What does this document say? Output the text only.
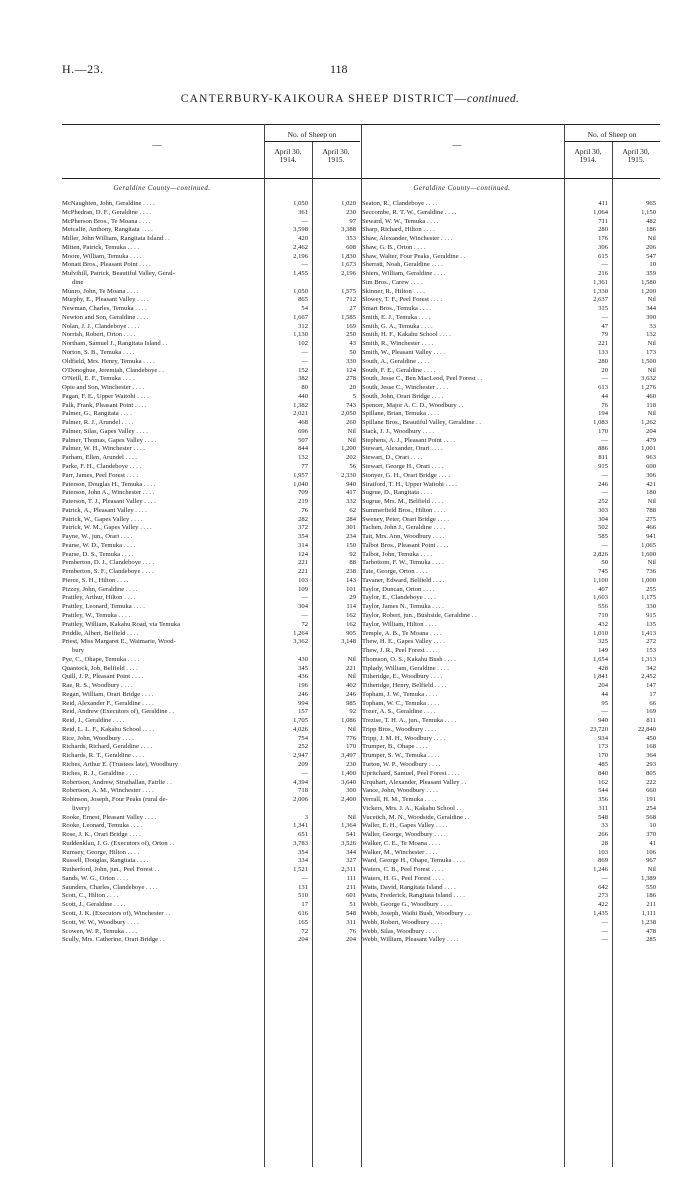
H.—23.	118
CANTERBURY-KAIKOURA SHEEP DISTRICT—continued.
—
No. of Sheep on
April 30, 1914.
April 30, 1915.
—
No. of Sheep on
April 30, 1914.
April 30, 1915.
Geraldine County—continued.	Geraldine County—continued.
McNaughten, John, Geraldine . . . .	1,050	1,020
McPhedran, D. F., Geraldine . . . .	361	230
McPherson Bros., Te Moana . . . .	—	97
Metcalfe, Anthony, Rangitata . . . .	3,598	3,388
Miller, John William, Rangitata Island . .	420	353
Mitten, Patrick, Temuka . . . .	2,462	608
Moore, William, Temuka . . . .	2,196	1,830
Monatt Bros., Pleasant Point . . . .	—	1,673
Mulvihill, Patrick, Beautiful Valley, Geral-	1,455	2,196
dine
Munro, John, Te Moana . . . .	1,050	1,575
Murphy, E., Pleasant Valley . . . .	865	712
Newman, Charles, Temuka . . . .	54	27
Newton and Son, Geraldine . . . .	1,667	1,585
Nolan, J. J., Clandeboye . . . .	312	169
Norrish, Robert, Orton . . . .	1,130	250
Northam, Samuel J., Rangitata Island . .	102	43
Norton, S. B., Temuka . . . .	—	50
Oldfield, Mrs. Henry, Temuka . . . .	—	330
O'Donoghue, Jeremiah, Clandeboye . .	152	124
O'Neill, E. F., Temuka . . . .	382	278
Opie and Son, Winchester . . . .	80	20
Pagan, F. E., Upper Waitohi . . . .	440	5
Palk, Frank, Pleasant Point . . . .	1,382	743
Palmer, G., Rangitata . . . .	2,021	2,050
Palmer, R. J., Arundel . . . .	468	260
Palmer, Silas, Gapes Valley . . . .	696	Nil
Palmer, Thomas, Gapes Valley . . . .	507	Nil
Palmer, W. H., Winchester . . . .	844	1,200
Parham, Ellen, Arundel . . . .	132	202
Parke, F. H., Clandeboye . . . .	77	56
Parr, James, Peel Forest . . . .	1,957	2,330
Paterson, Douglas H., Temuka . . . .	1,040	940
Paterson, John A., Winchester . . . .	709	417
Paterson, T. J., Pleasant Valley . . . .	219	332
Patrick, A., Pleasant Valley . . . .	76	62
Patrick, W., Gapes Valley . . . .	282	284
Patrick, W. M., Gapes Valley . . . .	372	301
Payne, W., jun., Orari . . . .	354	234
Pearse, W. D., Temuka . . . .	314	150
Pearse, D. S., Temuka . . . .	124	92
Pemberton, D. J., Clandeboye . . . .	221	88
Pemberton, S. F., Clandeboye . . . .	221	238
Pierce, S. H., Hilton . . . .	103	143
Pizzey, John, Geraldine . . . .	109	101
Prattley, Arthur, Hilton . . . .	—	29
Prattley, Leonard, Temuka . . . .	304	114
Prattley, W., Temuka . . . .	—	162
Prattley, William, Kakahu Road, via Temuka	72	162
Priddle, Albert, Belfield . . . .	1,264	905
Priest, Miss Margaret E., Waimarie, Wood-	3,362	3,148
bury
Pye, C., Ohape, Temuka . . . .	430	Nil
Quantock, Job, Belfield . . . .	345	221
Quill, J. P., Pleasant Point . . . .	436	Nil
Rae, R. S., Woodbury . . . .	196	402
Regan, William, Orari Bridge . . . .	246	246
Reid, Alexander F., Geraldine . . . .	994	985
Reid, Andrew (Executors of), Geraldine . .	157	92
Reid, J., Geraldine . . . .	1,705	1,086
Reid, L. L. F., Kakahu School . . . .	4,026	Nil
Rice, John, Woodbury . . . .	754	776
Richards, Richard, Geraldine . . . .	252	170
Richards, R. T., Geraldine . . . .	2,947	3,497
Riches, Arthur E. (Trustees late), Woodbury	209	230
Riches, R. J., Geraldine . . . .	—	1,400
Robertson, Andrew, Strathallan, Fairlie . .	4,394	3,640
Robertson, A. M., Winchester . . . .	718	300
Robinson, Joseph, Four Peaks (rural de-	2,006	2,400
livery)
Rooke, Ernest, Pleasant Valley . . . .	3	Nil
Rooke, Leonard, Temuka . . . .	1,341	1,364
Rose, J. K., Orari Bridge . . . .	651	541
Ruddenklau, J. G. (Executors of), Orton . .	3,783	3,526
Rumsey, George, Hilton . . . .	354	344
Russell, Douglas, Rangitata . . . .	334	327
Rutherford, John, jun., Peel Forest . .	1,521	2,311
Sands, W. G., Orton . . . .	—	111
Saunders, Charles, Clandeboye . . . .	131	211
Scott, C., Hilton . . . .	510	601
Scott, J., Geraldine . . . .	17	51
Scott, J. K. (Executors of), Winchester . .	616	548
Scott, W. W., Woodbury . . . .	165	311
Scowen, W. P., Temuka . . . .	72	76
Scully, Mrs. Catherine, Orari Bridge . .	204	204
Seaton, R., Clandeboye . . . .	411	965
Seccombe, R. T. W., Geraldine . . . .	1,064	1,150
Seward, W. W., Temuka . . . .	711	482
Sharp, Richard, Hilton . . . .	280	186
Shaw, Alexander, Winchester . . . .	176	Nil
Shaw, G. B., Orton . . . .	306	206
Shaw, Walter, Four Peaks, Geraldine . .	615	547
Sherratt, Noah, Geraldine . . . .	—	10
Shiers, William, Geraldine . . . .	216	359
Sim Bros., Carew . . . .	1,361	1,580
Skinner, R., Hilton . . . .	1,330	1,200
Slowey, T. F., Peel Forest . . . .	2,637	Nil
Smart Bros., Temuka . . . .	315	344
Smith, E. J., Temuka . . . .	—	390
Smith, G. A., Temuka . . . .	47	33
Smith, H. F., Kakahu School . . . .	79	132
Smith, R., Winchester . . . .	221	Nil
Smith, W., Pleasant Valley . . . .	133	173
South, A., Geraldine . . . .	280	1,500
South, F. E., Geraldine . . . .	20	Nil
South, Jesse C., Ben MacLeod, Peel Forest . .	—	3,632
South, Jesse C., Winchester . . . .	613	1,276
South, John, Orari Bridge . . . .	44	460
Spencer, Major A. C. D., Woodbury . .	76	118
Spillane, Brian, Temuka . . . .	194	Nil
Spillane Bros., Beautiful Valley, Geraldine . .	1,083	1,262
Stack, J. J., Woodbury . . . .	170	204
Stephens, A. J., Pleasant Point . . . .	—	479
Stewart, Alexander, Orari . . . .	886	1,001
Stewart, D., Orari . . . .	811	963
Stewart, George H., Orari . . . .	915	600
Stonyer, G. H., Orari Bridge . . . .	—	306
Stratford, T. H., Upper Waitohi . . . .	246	421
Sugrue, D., Rangitata . . . .	—	180
Sugrue, Mrs. M., Belfield . . . .	252	Nil
Summerfield Bros., Hilton . . . .	303	788
Sweney, Peter, Orari Bridge . . . .	304	275
Tachen, John J., Geraldine . . . .	502	466
Tait, Mrs. Ann, Woodbury . . . .	585	941
Talbot Bros., Pleasant Point . . . .	—	1,065
Talbot, John, Temuka . . . .	2,826	1,600
Tarbottom, F. W., Temuka . . . .	50	Nil
Tate, George, Orton . . . .	745	736
Tavaner, Edward, Belfield . . . .	1,100	1,000
Taylor, Duncan, Orton . . . .	407	255
Taylor, E., Clandeboye . . . .	1,603	1,175
Taylor, James N., Temuka . . . .	556	330
Taylor, Robert, jun., Bushside, Geraldine . .	710	915
Taylor, William, Hilton . . . .	432	135
Temple, A. B., Te Moana . . . .	1,010	1,413
Thew, H. E., Gapes Valley . . . .	325	272
Thew, J. R., Peel Forest . . . .	149	153
Thomson, O. S., Kakahu Bush . . . .	1,654	1,313
Tiplady, William, Geraldine . . . .	428	342
Titheridge, E., Woodbury . . . .	1,841	2,452
Titheridge, Henry, Belfield . . . .	204	147
Topham, J. W., Temuka . . . .	44	17
Topham, W. C., Temuka . . . .	95	66
Tozer, A. S., Geraldine . . . .	—	169
Trezise, T. H. A., jun., Temuka . . . .	940	811
Tripp Bros., Woodbury . . . .	23,720	22,840
Tripp, J. M. H., Woodbury . . . .	934	450
Trumper, B., Ohape . . . .	173	168
Trumper, S. W., Temuka . . . .	170	364
Turton, W. P., Woodbury . . . .	485	293
Upritchard, Samuel, Peel Forest . . . .	840	805
Urquhart, Alexander, Pleasant Valley . .	162	222
Vance, John, Woodbury . . . .	544	660
Verrall, H. M., Temuka . . . .	356	191
Vickers, Mrs. J. A., Kakahu School . .	311	254
Vucetich, M. N., Woodside, Geraldine . .	548	568
Waller, E. H., Gapes Valley . . . .	33	10
Waller, George, Woodbury . . . .	266	370
Walker, C. E., Te Moana . . . .	28	41
Walker, M., Winchester . . . .	103	106
Ward, George H., Ohape, Temuka . . . .	869	967
Waters, C. B., Peel Forest . . . .	1,246	Nil
Waters, H. G., Peel Forest . . . .	—	1,389
Watts, David, Rangitata Island . . . .	642	550
Watts, Frederick, Rangitata Island . . . .	273	186
Webb, George G., Woodbury . . . .	422	211
Webb, Joseph, Waihi Bush, Woodbury . .	1,435	1,111
Webb, Robert, Woodbury . . . .	—	1,238
Webb, Silas, Woodbury . . . .	—	478
Webb, William, Pleasant Valley . . . .	—	285
